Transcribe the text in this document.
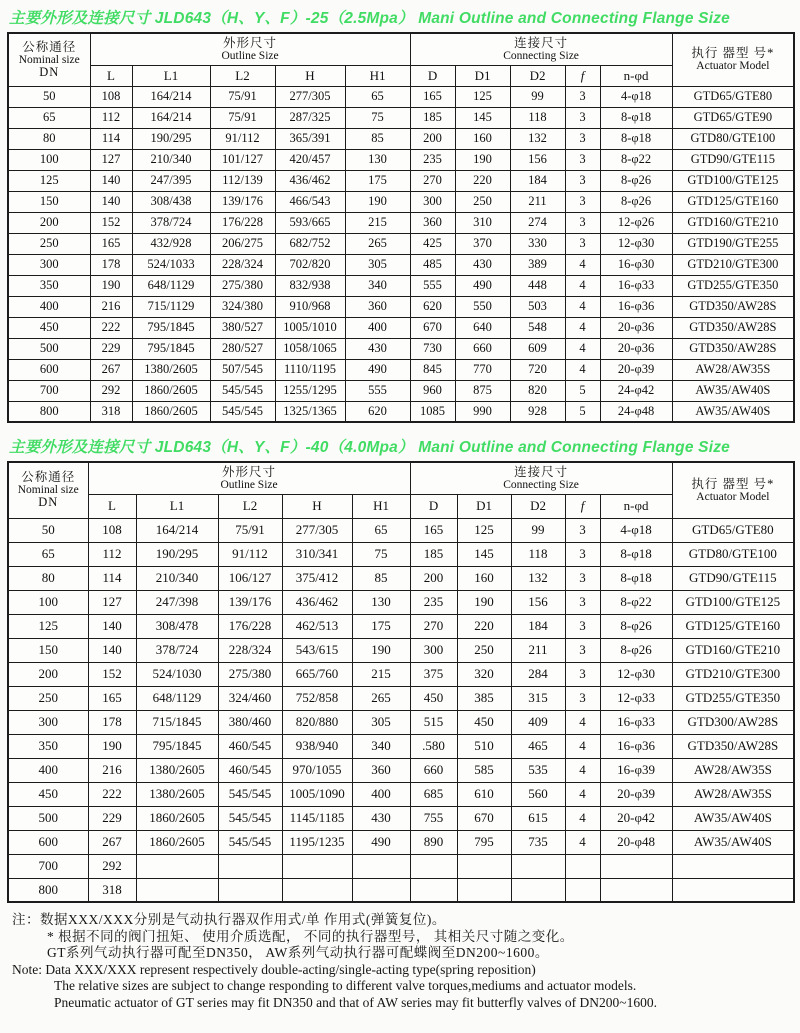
主要外形及连接尺寸 JLD643（H、Y、F）-25（2.5Mpa） Mani Outline and Connecting Flange Size
公称通径
Nominal size
DN	外形尺寸
Outline Size					连接尺寸
Connecting Size					执行 器型 号*
Actuator Model

	L	L1	L2	H	H1	D	D1	D2	f	n-φd	
50	108	164/214	75/91	277/305	65	165	125	99	3	4-φ18	GTD65/GTE80
65	112	164/214	75/91	287/325	75	185	145	118	3	8-φ18	GTD65/GTE90
80	114	190/295	91/112	365/391	85	200	160	132	3	8-φ18	GTD80/GTE100
100	127	210/340	101/127	420/457	130	235	190	156	3	8-φ22	GTD90/GTE115
125	140	247/395	112/139	436/462	175	270	220	184	3	8-φ26	GTD100/GTE125
150	140	308/438	139/176	466/543	190	300	250	211	3	8-φ26	GTD125/GTE160
200	152	378/724	176/228	593/665	215	360	310	274	3	12-φ26	GTD160/GTE210
250	165	432/928	206/275	682/752	265	425	370	330	3	12-φ30	GTD190/GTE255
300	178	524/1033	228/324	702/820	305	485	430	389	4	16-φ30	GTD210/GTE300
350	190	648/1129	275/380	832/938	340	555	490	448	4	16-φ33	GTD255/GTE350
400	216	715/1129	324/380	910/968	360	620	550	503	4	16-φ36	GTD350/AW28S
450	222	795/1845	380/527	1005/1010	400	670	640	548	4	20-φ36	GTD350/AW28S
500	229	795/1845	280/527	1058/1065	430	730	660	609	4	20-φ36	GTD350/AW28S
600	267	1380/2605	507/545	1110/1195	490	845	770	720	4	20-φ39	AW28/AW35S
700	292	1860/2605	545/545	1255/1295	555	960	875	820	5	24-φ42	AW35/AW40S
800	318	1860/2605	545/545	1325/1365	620	1085	990	928	5	24-φ48	AW35/AW40S
主要外形及连接尺寸 JLD643（H、Y、F）-40（4.0Mpa） Mani Outline and Connecting Flange Size
公称通径
Nominal size
DN	外形尺寸
Outline Size					连接尺寸
Connecting Size					执行 器型 号*
Actuator Model

	L	L1	L2	H	H1	D	D1	D2	f	n-φd	
50	108	164/214	75/91	277/305	65	165	125	99	3	4-φ18	GTD65/GTE80
65	112	190/295	91/112	310/341	75	185	145	118	3	8-φ18	GTD80/GTE100
80	114	210/340	106/127	375/412	85	200	160	132	3	8-φ18	GTD90/GTE115
100	127	247/398	139/176	436/462	130	235	190	156	3	8-φ22	GTD100/GTE125
125	140	308/478	176/228	462/513	175	270	220	184	3	8-φ26	GTD125/GTE160
150	140	378/724	228/324	543/615	190	300	250	211	3	8-φ26	GTD160/GTE210
200	152	524/1030	275/380	665/760	215	375	320	284	3	12-φ30	GTD210/GTE300
250	165	648/1129	324/460	752/858	265	450	385	315	3	12-φ33	GTD255/GTE350
300	178	715/1845	380/460	820/880	305	515	450	409	4	16-φ33	GTD300/AW28S
350	190	795/1845	460/545	938/940	340	.580	510	465	4	16-φ36	GTD350/AW28S
400	216	1380/2605	460/545	970/1055	360	660	585	535	4	16-φ39	AW28/AW35S
450	222	1380/2605	545/545	1005/1090	400	685	610	560	4	20-φ39	AW28/AW35S
500	229	1860/2605	545/545	1145/1185	430	755	670	615	4	20-φ42	AW35/AW40S
600	267	1860/2605	545/545	1195/1235	490	890	795	735	4	20-φ48	AW35/AW40S
700	292										
800	318										
注：数据XXX/XXX分别是气动执行器双作用式/单 作用式(弹簧复位)。
* 根据不同的阀门扭矩、 使用介质选配， 不同的执行器型号， 其相关尺寸随之变化。
GT系列气动执行器可配至DN350， AW系列气动执行器可配蝶阀至DN200~1600。
Note: Data XXX/XXX represent respectively double-acting/single-acting type(spring reposition)
The relative sizes are subject to change responding to different valve torques,mediums and actuator models.
Pneumatic actuator of GT series may fit DN350 and that of AW series may fit butterfly valves of DN200~1600.
